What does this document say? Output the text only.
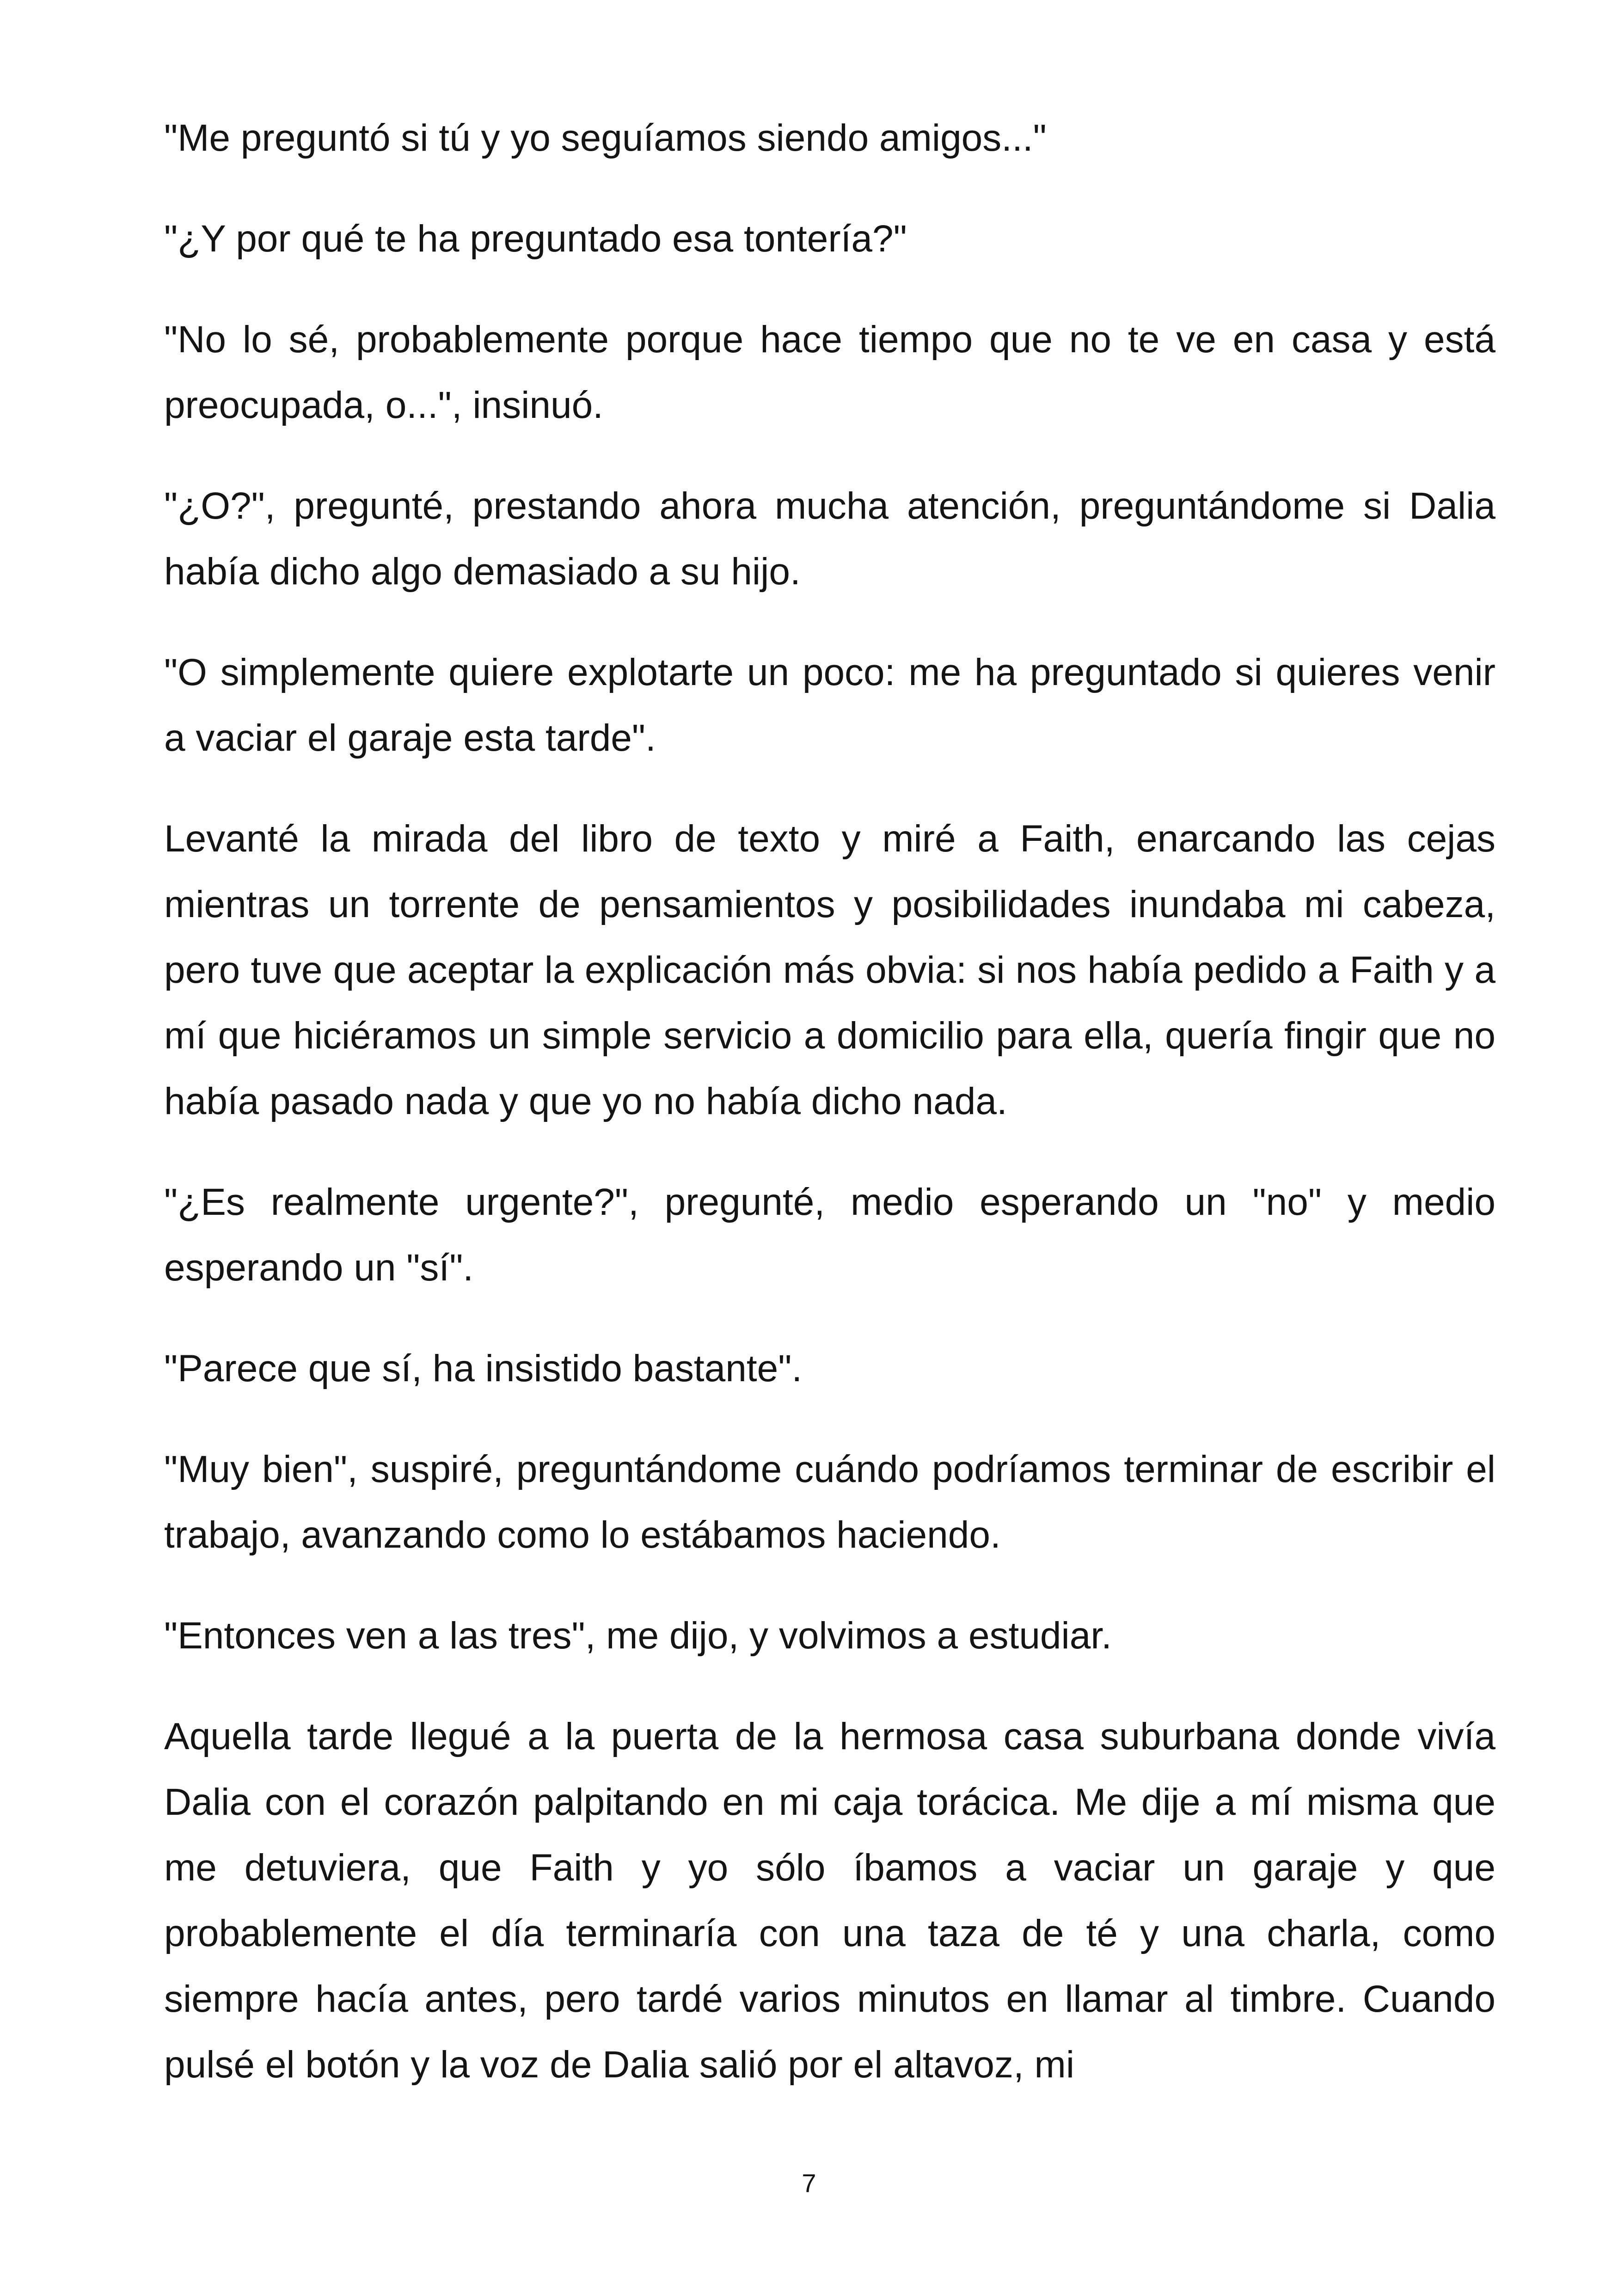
"Me preguntó si tú y yo seguíamos siendo amigos..."

"¿Y por qué te ha preguntado esa tontería?"

"No lo sé, probablemente porque hace tiempo que no te ve en casa y está preocupada, o...", insinuó.

"¿O?", pregunté, prestando ahora mucha atención, preguntándome si Dalia había dicho algo demasiado a su hijo.

"O simplemente quiere explotarte un poco: me ha preguntado si quieres venir a vaciar el garaje esta tarde".

Levanté la mirada del libro de texto y miré a Faith, enarcando las cejas mientras un torrente de pensamientos y posibilidades inundaba mi cabeza, pero tuve que aceptar la explicación más obvia: si nos había pedido a Faith y a mí que hiciéramos un simple servicio a domicilio para ella, quería fingir que no había pasado nada y que yo no había dicho nada.

"¿Es realmente urgente?", pregunté, medio esperando un "no" y medio esperando un "sí".

"Parece que sí, ha insistido bastante".

"Muy bien", suspiré, preguntándome cuándo podríamos terminar de escribir el trabajo, avanzando como lo estábamos haciendo.

"Entonces ven a las tres", me dijo, y volvimos a estudiar.

Aquella tarde llegué a la puerta de la hermosa casa suburbana donde vivía Dalia con el corazón palpitando en mi caja torácica. Me dije a mí misma que me detuviera, que Faith y yo sólo íbamos a vaciar un garaje y que probablemente el día terminaría con una taza de té y una charla, como siempre hacía antes, pero tardé varios minutos en llamar al timbre. Cuando pulsé el botón y la voz de Dalia salió por el altavoz, mi

7
